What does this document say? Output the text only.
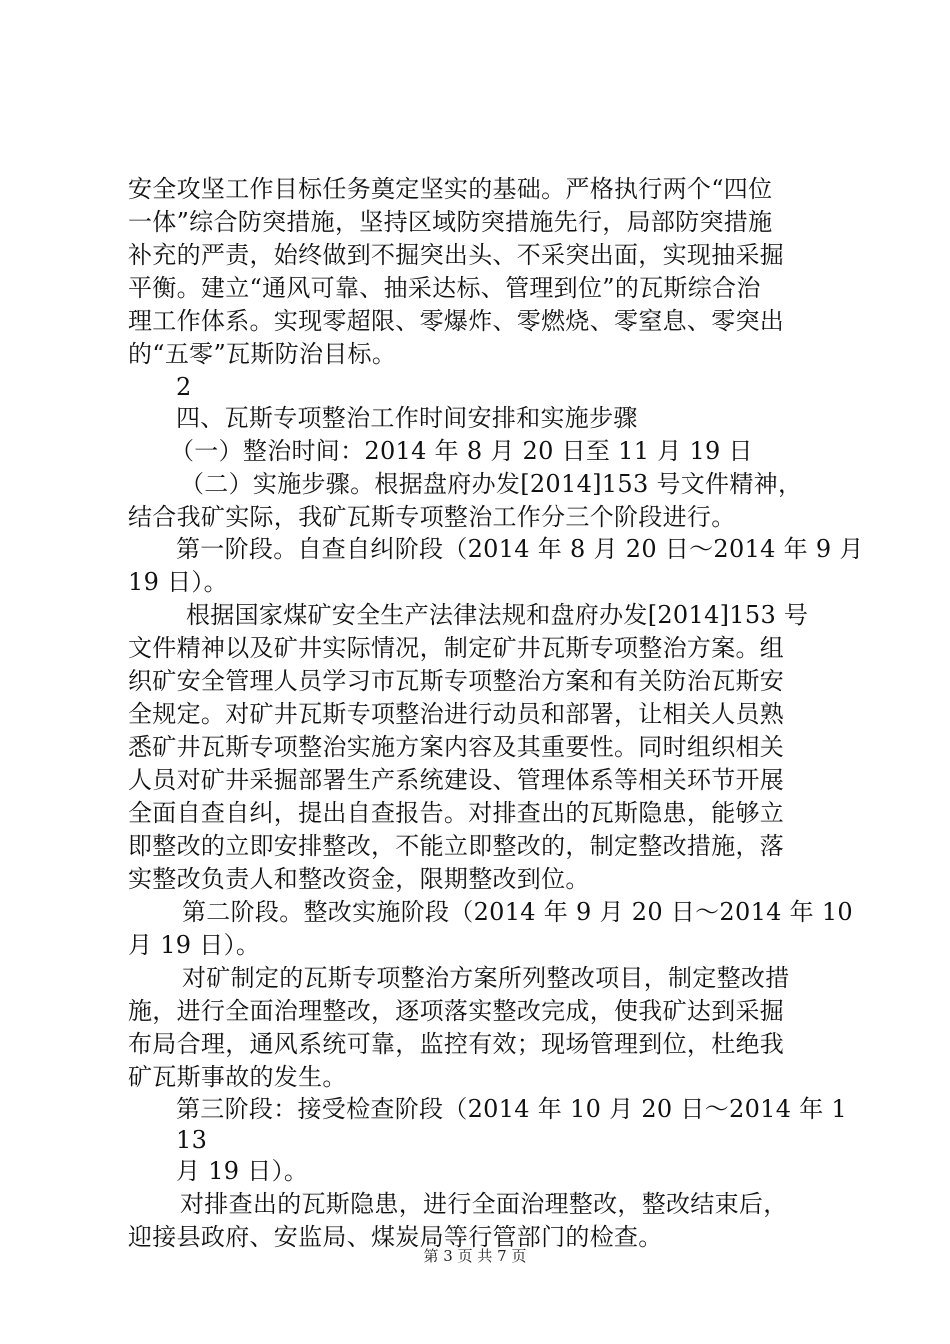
安全攻坚工作目标任务奠定坚实的基础。严格执行两个“四位
一体”综合防突措施，坚持区域防突措施先行，局部防突措施
补充的严责，始终做到不掘突出头、不采突出面，实现抽采掘
平衡。建立“通风可靠、抽采达标、管理到位”的瓦斯综合治
理工作体系。实现零超限、零爆炸、零燃烧、零窒息、零突出
的“五零”瓦斯防治目标。
2
四、瓦斯专项整治工作时间安排和实施步骤
（一）整治时间：2014 年 8 月 20 日至 11 月 19 日
（二）实施步骤。根据盘府办发[2014]153 号文件精神，
结合我矿实际，我矿瓦斯专项整治工作分三个阶段进行。
第一阶段。自查自纠阶段（2014 年 8 月 20 日～2014 年 9 月
19 日）。
根据国家煤矿安全生产法律法规和盘府办发[2014]153 号
文件精神以及矿井实际情况，制定矿井瓦斯专项整治方案。组
织矿安全管理人员学习市瓦斯专项整治方案和有关防治瓦斯安
全规定。对矿井瓦斯专项整治进行动员和部署，让相关人员熟
悉矿井瓦斯专项整治实施方案内容及其重要性。同时组织相关
人员对矿井采掘部署生产系统建设、管理体系等相关环节开展
全面自查自纠，提出自查报告。对排查出的瓦斯隐患，能够立
即整改的立即安排整改，不能立即整改的，制定整改措施，落
实整改负责人和整改资金，限期整改到位。
第二阶段。整改实施阶段（2014 年 9 月 20 日～2014 年 10
月 19 日）。
对矿制定的瓦斯专项整治方案所列整改项目，制定整改措
施，进行全面治理整改，逐项落实整改完成，使我矿达到采掘
布局合理，通风系统可靠，监控有效；现场管理到位，杜绝我
矿瓦斯事故的发生。
第三阶段：接受检查阶段（2014 年 10 月 20 日～2014 年 1
13
月 19 日）。
对排查出的瓦斯隐患，进行全面治理整改，整改结束后，
迎接县政府、安监局、煤炭局等行管部门的检查。
第 3 页 共 7 页
